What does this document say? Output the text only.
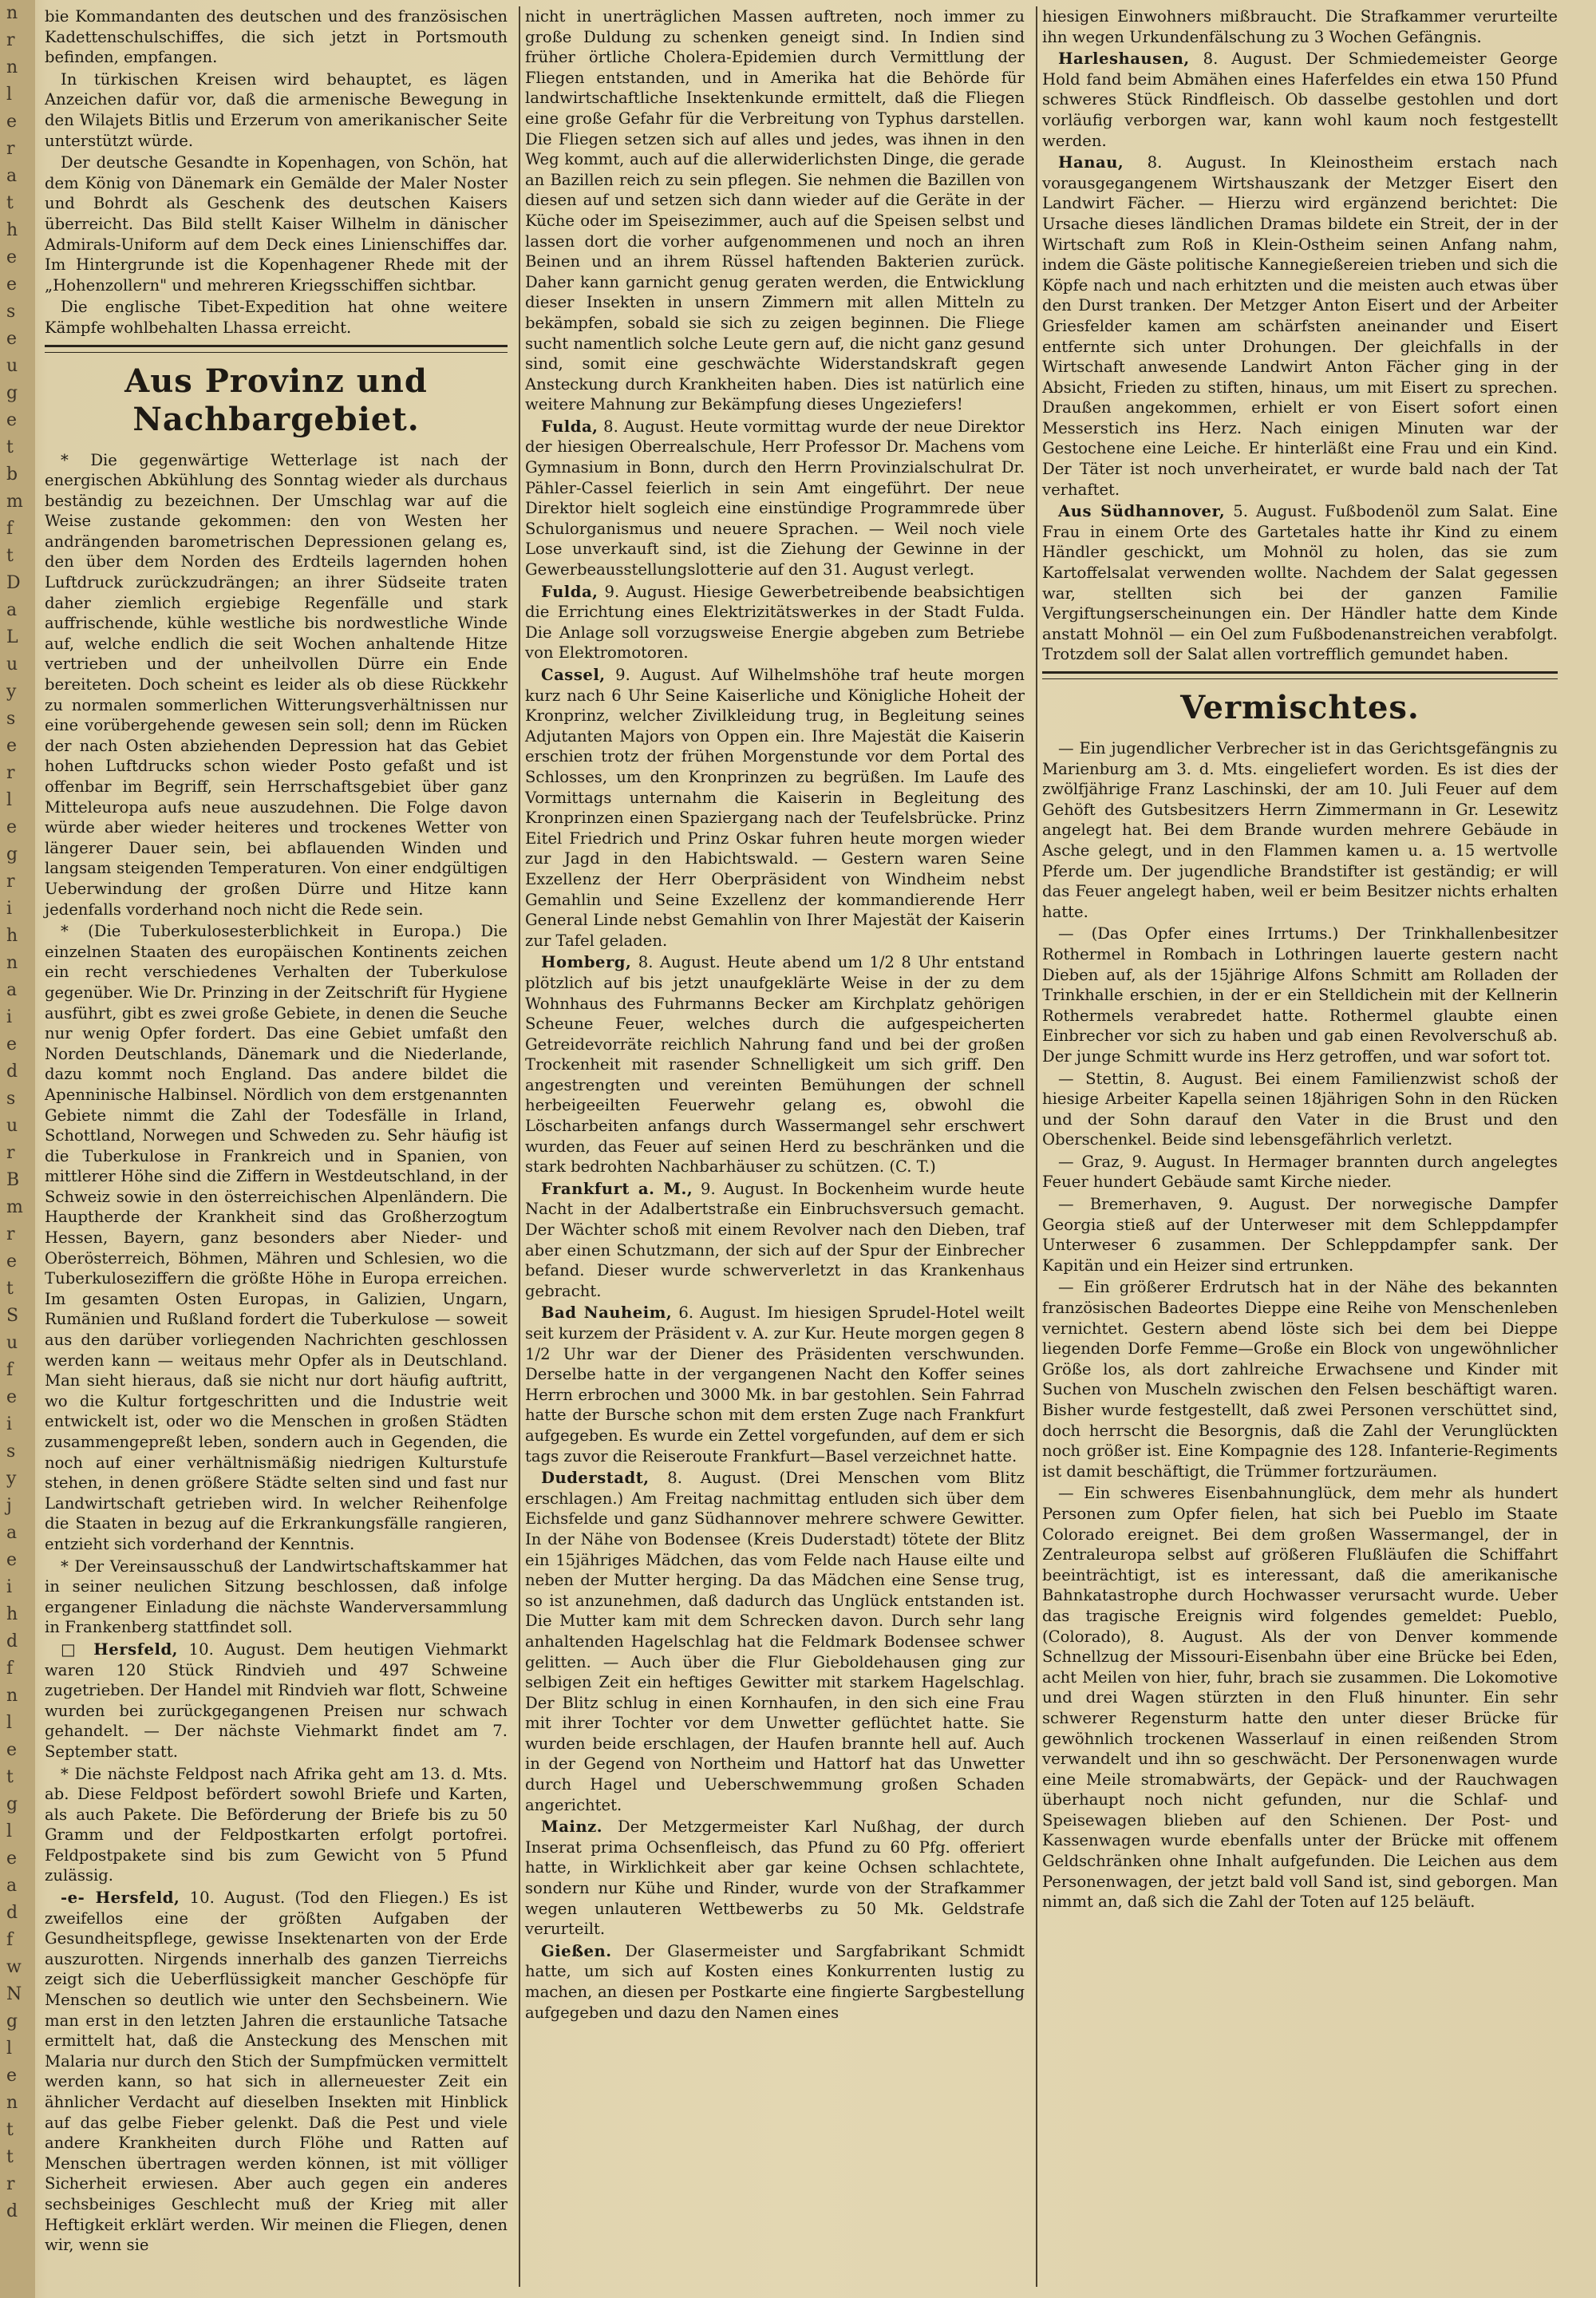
n
r
n
l
e
r
a
t
h
e
e
s
e
u
g
e
t
b
m
f
t
D
a
L
u
y
s
e
r
l
e
g
r
i
h
n
a
i
e
d
s
u
r
B
m
r
e
t
S
u
f
e
i
s
y
j
a
e
i
h
d
f
n
l
e
t
g
l
e
a
d
f
w
N
g
l
e
n
t
t
r
d

bie Kommandanten des deutschen und des französischen Kadettenschulschiffes, die sich jetzt in Portsmouth befinden, empfangen.

In türkischen Kreisen wird behauptet, es lägen Anzeichen dafür vor, daß die armenische Bewegung in den Wilajets Bitlis und Erzerum von amerikanischer Seite unterstützt würde.

Der deutsche Gesandte in Kopenhagen, von Schön, hat dem König von Dänemark ein Gemälde der Maler Noster und Bohrdt als Geschenk des deutschen Kaisers überreicht. Das Bild stellt Kaiser Wilhelm in dänischer Admirals-Uniform auf dem Deck eines Linienschiffes dar. Im Hintergrunde ist die Kopenhagener Rhede mit der „Hohenzollern" und mehreren Kriegsschiffen sichtbar.

Die englische Tibet-Expedition hat ohne weitere Kämpfe wohlbehalten Lhassa erreicht.

Aus Provinz und Nachbargebiet.

* Die gegenwärtige Wetterlage ist nach der energischen Abkühlung des Sonntag wieder als durchaus beständig zu bezeichnen. Der Umschlag war auf die Weise zustande gekommen: den von Westen her andrängenden barometrischen Depressionen gelang es, den über dem Norden des Erdteils lagernden hohen Luftdruck zurückzudrängen; an ihrer Südseite traten daher ziemlich ergiebige Regenfälle und stark auffrischende, kühle westliche bis nordwestliche Winde auf, welche endlich die seit Wochen anhaltende Hitze vertrieben und der unheilvollen Dürre ein Ende bereiteten. Doch scheint es leider als ob diese Rückkehr zu normalen sommerlichen Witterungsverhältnissen nur eine vorübergehende gewesen sein soll; denn im Rücken der nach Osten abziehenden Depression hat das Gebiet hohen Luftdrucks schon wieder Posto gefaßt und ist offenbar im Begriff, sein Herrschaftsgebiet über ganz Mitteleuropa aufs neue auszudehnen. Die Folge davon würde aber wieder heiteres und trockenes Wetter von längerer Dauer sein, bei abflauenden Winden und langsam steigenden Temperaturen. Von einer endgültigen Ueberwindung der großen Dürre und Hitze kann jedenfalls vorderhand noch nicht die Rede sein.

* (Die Tuberkulosesterblichkeit in Europa.) Die einzelnen Staaten des europäischen Kontinents zeichen ein recht verschiedenes Verhalten der Tuberkulose gegenüber. Wie Dr. Prinzing in der Zeitschrift für Hygiene ausführt, gibt es zwei große Gebiete, in denen die Seuche nur wenig Opfer fordert. Das eine Gebiet umfaßt den Norden Deutschlands, Dänemark und die Niederlande, dazu kommt noch England. Das andere bildet die Apenninische Halbinsel. Nördlich von dem erstgenannten Gebiete nimmt die Zahl der Todesfälle in Irland, Schottland, Norwegen und Schweden zu. Sehr häufig ist die Tuberkulose in Frankreich und in Spanien, von mittlerer Höhe sind die Ziffern in Westdeutschland, in der Schweiz sowie in den österreichischen Alpenländern. Die Hauptherde der Krankheit sind das Großherzogtum Hessen, Bayern, ganz besonders aber Nieder- und Oberösterreich, Böhmen, Mähren und Schlesien, wo die Tuberkuloseziffern die größte Höhe in Europa erreichen. Im gesamten Osten Europas, in Galizien, Ungarn, Rumänien und Rußland fordert die Tuberkulose — soweit aus den darüber vorliegenden Nachrichten geschlossen werden kann — weitaus mehr Opfer als in Deutschland. Man sieht hieraus, daß sie nicht nur dort häufig auftritt, wo die Kultur fortgeschritten und die Industrie weit entwickelt ist, oder wo die Menschen in großen Städten zusammengepreßt leben, sondern auch in Gegenden, die noch auf einer verhältnismäßig niedrigen Kulturstufe stehen, in denen größere Städte selten sind und fast nur Landwirtschaft getrieben wird. In welcher Reihenfolge die Staaten in bezug auf die Erkrankungsfälle rangieren, entzieht sich vorderhand der Kenntnis.

* Der Vereinsausschuß der Landwirtschaftskammer hat in seiner neulichen Sitzung beschlossen, daß infolge ergangener Einladung die nächste Wanderversammlung in Frankenberg stattfindet soll.

□ Hersfeld, 10. August. Dem heutigen Viehmarkt waren 120 Stück Rindvieh und 497 Schweine zugetrieben. Der Handel mit Rindvieh war flott, Schweine wurden bei zurückgegangenen Preisen nur schwach gehandelt. — Der nächste Viehmarkt findet am 7. September statt.

* Die nächste Feldpost nach Afrika geht am 13. d. Mts. ab. Diese Feldpost befördert sowohl Briefe und Karten, als auch Pakete. Die Beförderung der Briefe bis zu 50 Gramm und der Feldpostkarten erfolgt portofrei. Feldpostpakete sind bis zum Gewicht von 5 Pfund zulässig.

-e- Hersfeld, 10. August. (Tod den Fliegen.) Es ist zweifellos eine der größten Aufgaben der Gesundheitspflege, gewisse Insektenarten von der Erde auszurotten. Nirgends innerhalb des ganzen Tierreichs zeigt sich die Ueberflüssigkeit mancher Geschöpfe für Menschen so deutlich wie unter den Sechsbeinern. Wie man erst in den letzten Jahren die erstaunliche Tatsache ermittelt hat, daß die Ansteckung des Menschen mit Malaria nur durch den Stich der Sumpfmücken vermittelt werden kann, so hat sich in allerneuester Zeit ein ähnlicher Verdacht auf dieselben Insekten mit Hinblick auf das gelbe Fieber gelenkt. Daß die Pest und viele andere Krankheiten durch Flöhe und Ratten auf Menschen übertragen werden können, ist mit völliger Sicherheit erwiesen. Aber auch gegen ein anderes sechsbeiniges Geschlecht muß der Krieg mit aller Heftigkeit erklärt werden. Wir meinen die Fliegen, denen wir, wenn sie

nicht in unerträglichen Massen auftreten, noch immer zu große Duldung zu schenken geneigt sind. In Indien sind früher örtliche Cholera-Epidemien durch Vermittlung der Fliegen entstanden, und in Amerika hat die Behörde für landwirtschaftliche Insektenkunde ermittelt, daß die Fliegen eine große Gefahr für die Verbreitung von Typhus darstellen. Die Fliegen setzen sich auf alles und jedes, was ihnen in den Weg kommt, auch auf die allerwiderlichsten Dinge, die gerade an Bazillen reich zu sein pflegen. Sie nehmen die Bazillen von diesen auf und setzen sich dann wieder auf die Geräte in der Küche oder im Speisezimmer, auch auf die Speisen selbst und lassen dort die vorher aufgenommenen und noch an ihren Beinen und an ihrem Rüssel haftenden Bakterien zurück. Daher kann garnicht genug geraten werden, die Entwicklung dieser Insekten in unsern Zimmern mit allen Mitteln zu bekämpfen, sobald sie sich zu zeigen beginnen. Die Fliege sucht namentlich solche Leute gern auf, die nicht ganz gesund sind, somit eine geschwächte Widerstandskraft gegen Ansteckung durch Krankheiten haben. Dies ist natürlich eine weitere Mahnung zur Bekämpfung dieses Ungeziefers!

Fulda, 8. August. Heute vormittag wurde der neue Direktor der hiesigen Oberrealschule, Herr Professor Dr. Machens vom Gymnasium in Bonn, durch den Herrn Provinzialschulrat Dr. Pähler-Cassel feierlich in sein Amt eingeführt. Der neue Direktor hielt sogleich eine einstündige Programmrede über Schulorganismus und neuere Sprachen. — Weil noch viele Lose unverkauft sind, ist die Ziehung der Gewinne in der Gewerbeausstellungslotterie auf den 31. August verlegt.

Fulda, 9. August. Hiesige Gewerbetreibende beabsichtigen die Errichtung eines Elektrizitätswerkes in der Stadt Fulda. Die Anlage soll vorzugsweise Energie abgeben zum Betriebe von Elektromotoren.

Cassel, 9. August. Auf Wilhelmshöhe traf heute morgen kurz nach 6 Uhr Seine Kaiserliche und Königliche Hoheit der Kronprinz, welcher Zivilkleidung trug, in Begleitung seines Adjutanten Majors von Oppen ein. Ihre Majestät die Kaiserin erschien trotz der frühen Morgenstunde vor dem Portal des Schlosses, um den Kronprinzen zu begrüßen. Im Laufe des Vormittags unternahm die Kaiserin in Begleitung des Kronprinzen einen Spaziergang nach der Teufelsbrücke. Prinz Eitel Friedrich und Prinz Oskar fuhren heute morgen wieder zur Jagd in den Habichtswald. — Gestern waren Seine Exzellenz der Herr Oberpräsident von Windheim nebst Gemahlin und Seine Exzellenz der kommandierende Herr General Linde nebst Gemahlin von Ihrer Majestät der Kaiserin zur Tafel geladen.

Homberg, 8. August. Heute abend um 1/2 8 Uhr entstand plötzlich auf bis jetzt unaufgeklärte Weise in der zu dem Wohnhaus des Fuhrmanns Becker am Kirchplatz gehörigen Scheune Feuer, welches durch die aufgespeicherten Getreidevorräte reichlich Nahrung fand und bei der großen Trockenheit mit rasender Schnelligkeit um sich griff. Den angestrengten und vereinten Bemühungen der schnell herbeigeeilten Feuerwehr gelang es, obwohl die Löscharbeiten anfangs durch Wassermangel sehr erschwert wurden, das Feuer auf seinen Herd zu beschränken und die stark bedrohten Nachbarhäuser zu schützen. (C. T.)

Frankfurt a. M., 9. August. In Bockenheim wurde heute Nacht in der Adalbertstraße ein Einbruchsversuch gemacht. Der Wächter schoß mit einem Revolver nach den Dieben, traf aber einen Schutzmann, der sich auf der Spur der Einbrecher befand. Dieser wurde schwerverletzt in das Krankenhaus gebracht.

Bad Nauheim, 6. August. Im hiesigen Sprudel-Hotel weilt seit kurzem der Präsident v. A. zur Kur. Heute morgen gegen 8 1/2 Uhr war der Diener des Präsidenten verschwunden. Derselbe hatte in der vergangenen Nacht den Koffer seines Herrn erbrochen und 3000 Mk. in bar gestohlen. Sein Fahrrad hatte der Bursche schon mit dem ersten Zuge nach Frankfurt aufgegeben. Es wurde ein Zettel vorgefunden, auf dem er sich tags zuvor die Reiseroute Frankfurt—Basel verzeichnet hatte.

Duderstadt, 8. August. (Drei Menschen vom Blitz erschlagen.) Am Freitag nachmittag entluden sich über dem Eichsfelde und ganz Südhannover mehrere schwere Gewitter. In der Nähe von Bodensee (Kreis Duderstadt) tötete der Blitz ein 15jähriges Mädchen, das vom Felde nach Hause eilte und neben der Mutter herging. Da das Mädchen eine Sense trug, so ist anzunehmen, daß dadurch das Unglück entstanden ist. Die Mutter kam mit dem Schrecken davon. Durch sehr lang anhaltenden Hagelschlag hat die Feldmark Bodensee schwer gelitten. — Auch über die Flur Gieboldehausen ging zur selbigen Zeit ein heftiges Gewitter mit starkem Hagelschlag. Der Blitz schlug in einen Kornhaufen, in den sich eine Frau mit ihrer Tochter vor dem Unwetter geflüchtet hatte. Sie wurden beide erschlagen, der Haufen brannte hell auf. Auch in der Gegend von Northeim und Hattorf hat das Unwetter durch Hagel und Ueberschwemmung großen Schaden angerichtet.

Mainz. Der Metzgermeister Karl Nußhag, der durch Inserat prima Ochsenfleisch, das Pfund zu 60 Pfg. offeriert hatte, in Wirklichkeit aber gar keine Ochsen schlachtete, sondern nur Kühe und Rinder, wurde von der Strafkammer wegen unlauteren Wettbewerbs zu 50 Mk. Geldstrafe verurteilt.

Gießen. Der Glasermeister und Sargfabrikant Schmidt hatte, um sich auf Kosten eines Konkurrenten lustig zu machen, an diesen per Postkarte eine fingierte Sargbestellung aufgegeben und dazu den Namen eines

hiesigen Einwohners mißbraucht. Die Strafkammer verurteilte ihn wegen Urkundenfälschung zu 3 Wochen Gefängnis.

Harleshausen, 8. August. Der Schmiedemeister George Hold fand beim Abmähen eines Haferfeldes ein etwa 150 Pfund schweres Stück Rindfleisch. Ob dasselbe gestohlen und dort vorläufig verborgen war, kann wohl kaum noch festgestellt werden.

Hanau, 8. August. In Kleinostheim erstach nach vorausgegangenem Wirtshauszank der Metzger Eisert den Landwirt Fächer. — Hierzu wird ergänzend berichtet: Die Ursache dieses ländlichen Dramas bildete ein Streit, der in der Wirtschaft zum Roß in Klein-Ostheim seinen Anfang nahm, indem die Gäste politische Kannegießereien trieben und sich die Köpfe nach und nach erhitzten und die meisten auch etwas über den Durst tranken. Der Metzger Anton Eisert und der Arbeiter Griesfelder kamen am schärfsten aneinander und Eisert entfernte sich unter Drohungen. Der gleichfalls in der Wirtschaft anwesende Landwirt Anton Fächer ging in der Absicht, Frieden zu stiften, hinaus, um mit Eisert zu sprechen. Draußen angekommen, erhielt er von Eisert sofort einen Messerstich ins Herz. Nach einigen Minuten war der Gestochene eine Leiche. Er hinterläßt eine Frau und ein Kind. Der Täter ist noch unverheiratet, er wurde bald nach der Tat verhaftet.

Aus Südhannover, 5. August. Fußbodenöl zum Salat. Eine Frau in einem Orte des Gartetales hatte ihr Kind zu einem Händler geschickt, um Mohnöl zu holen, das sie zum Kartoffelsalat verwenden wollte. Nachdem der Salat gegessen war, stellten sich bei der ganzen Familie Vergiftungserscheinungen ein. Der Händler hatte dem Kinde anstatt Mohnöl — ein Oel zum Fußbodenanstreichen verabfolgt. Trotzdem soll der Salat allen vortrefflich gemundet haben.

Vermischtes.

— Ein jugendlicher Verbrecher ist in das Gerichtsgefängnis zu Marienburg am 3. d. Mts. eingeliefert worden. Es ist dies der zwölfjährige Franz Laschinski, der am 10. Juli Feuer auf dem Gehöft des Gutsbesitzers Herrn Zimmermann in Gr. Lesewitz angelegt hat. Bei dem Brande wurden mehrere Gebäude in Asche gelegt, und in den Flammen kamen u. a. 15 wertvolle Pferde um. Der jugendliche Brandstifter ist geständig; er will das Feuer angelegt haben, weil er beim Besitzer nichts erhalten hatte.

— (Das Opfer eines Irrtums.) Der Trinkhallenbesitzer Rothermel in Rombach in Lothringen lauerte gestern nacht Dieben auf, als der 15jährige Alfons Schmitt am Rolladen der Trinkhalle erschien, in der er ein Stelldichein mit der Kellnerin Rothermels verabredet hatte. Rothermel glaubte einen Einbrecher vor sich zu haben und gab einen Revolverschuß ab. Der junge Schmitt wurde ins Herz getroffen, und war sofort tot.

— Stettin, 8. August. Bei einem Familienzwist schoß der hiesige Arbeiter Kapella seinen 18jährigen Sohn in den Rücken und der Sohn darauf den Vater in die Brust und den Oberschenkel. Beide sind lebensgefährlich verletzt.

— Graz, 9. August. In Hermager brannten durch angelegtes Feuer hundert Gebäude samt Kirche nieder.

— Bremerhaven, 9. August. Der norwegische Dampfer Georgia stieß auf der Unterweser mit dem Schleppdampfer Unterweser 6 zusammen. Der Schleppdampfer sank. Der Kapitän und ein Heizer sind ertrunken.

— Ein größerer Erdrutsch hat in der Nähe des bekannten französischen Badeortes Dieppe eine Reihe von Menschenleben vernichtet. Gestern abend löste sich bei dem bei Dieppe liegenden Dorfe Femme—Große ein Block von ungewöhnlicher Größe los, als dort zahlreiche Erwachsene und Kinder mit Suchen von Muscheln zwischen den Felsen beschäftigt waren. Bisher wurde festgestellt, daß zwei Personen verschüttet sind, doch herrscht die Besorgnis, daß die Zahl der Verunglückten noch größer ist. Eine Kompagnie des 128. Infanterie-Regiments ist damit beschäftigt, die Trümmer fortzuräumen.

— Ein schweres Eisenbahnunglück, dem mehr als hundert Personen zum Opfer fielen, hat sich bei Pueblo im Staate Colorado ereignet. Bei dem großen Wassermangel, der in Zentraleuropa selbst auf größeren Flußläufen die Schiffahrt beeinträchtigt, ist es interessant, daß die amerikanische Bahnkatastrophe durch Hochwasser verursacht wurde. Ueber das tragische Ereignis wird folgendes gemeldet: Pueblo, (Colorado), 8. August. Als der von Denver kommende Schnellzug der Missouri-Eisenbahn über eine Brücke bei Eden, acht Meilen von hier, fuhr, brach sie zusammen. Die Lokomotive und drei Wagen stürzten in den Fluß hinunter. Ein sehr schwerer Regensturm hatte den unter dieser Brücke für gewöhnlich trockenen Wasserlauf in einen reißenden Strom verwandelt und ihn so geschwächt. Der Personenwagen wurde eine Meile stromabwärts, der Gepäck- und der Rauchwagen überhaupt noch nicht gefunden, nur die Schlaf- und Speisewagen blieben auf den Schienen. Der Post- und Kassenwagen wurde ebenfalls unter der Brücke mit offenem Geldschränken ohne Inhalt aufgefunden. Die Leichen aus dem Personenwagen, der jetzt bald voll Sand ist, sind geborgen. Man nimmt an, daß sich die Zahl der Toten auf 125 beläuft.
